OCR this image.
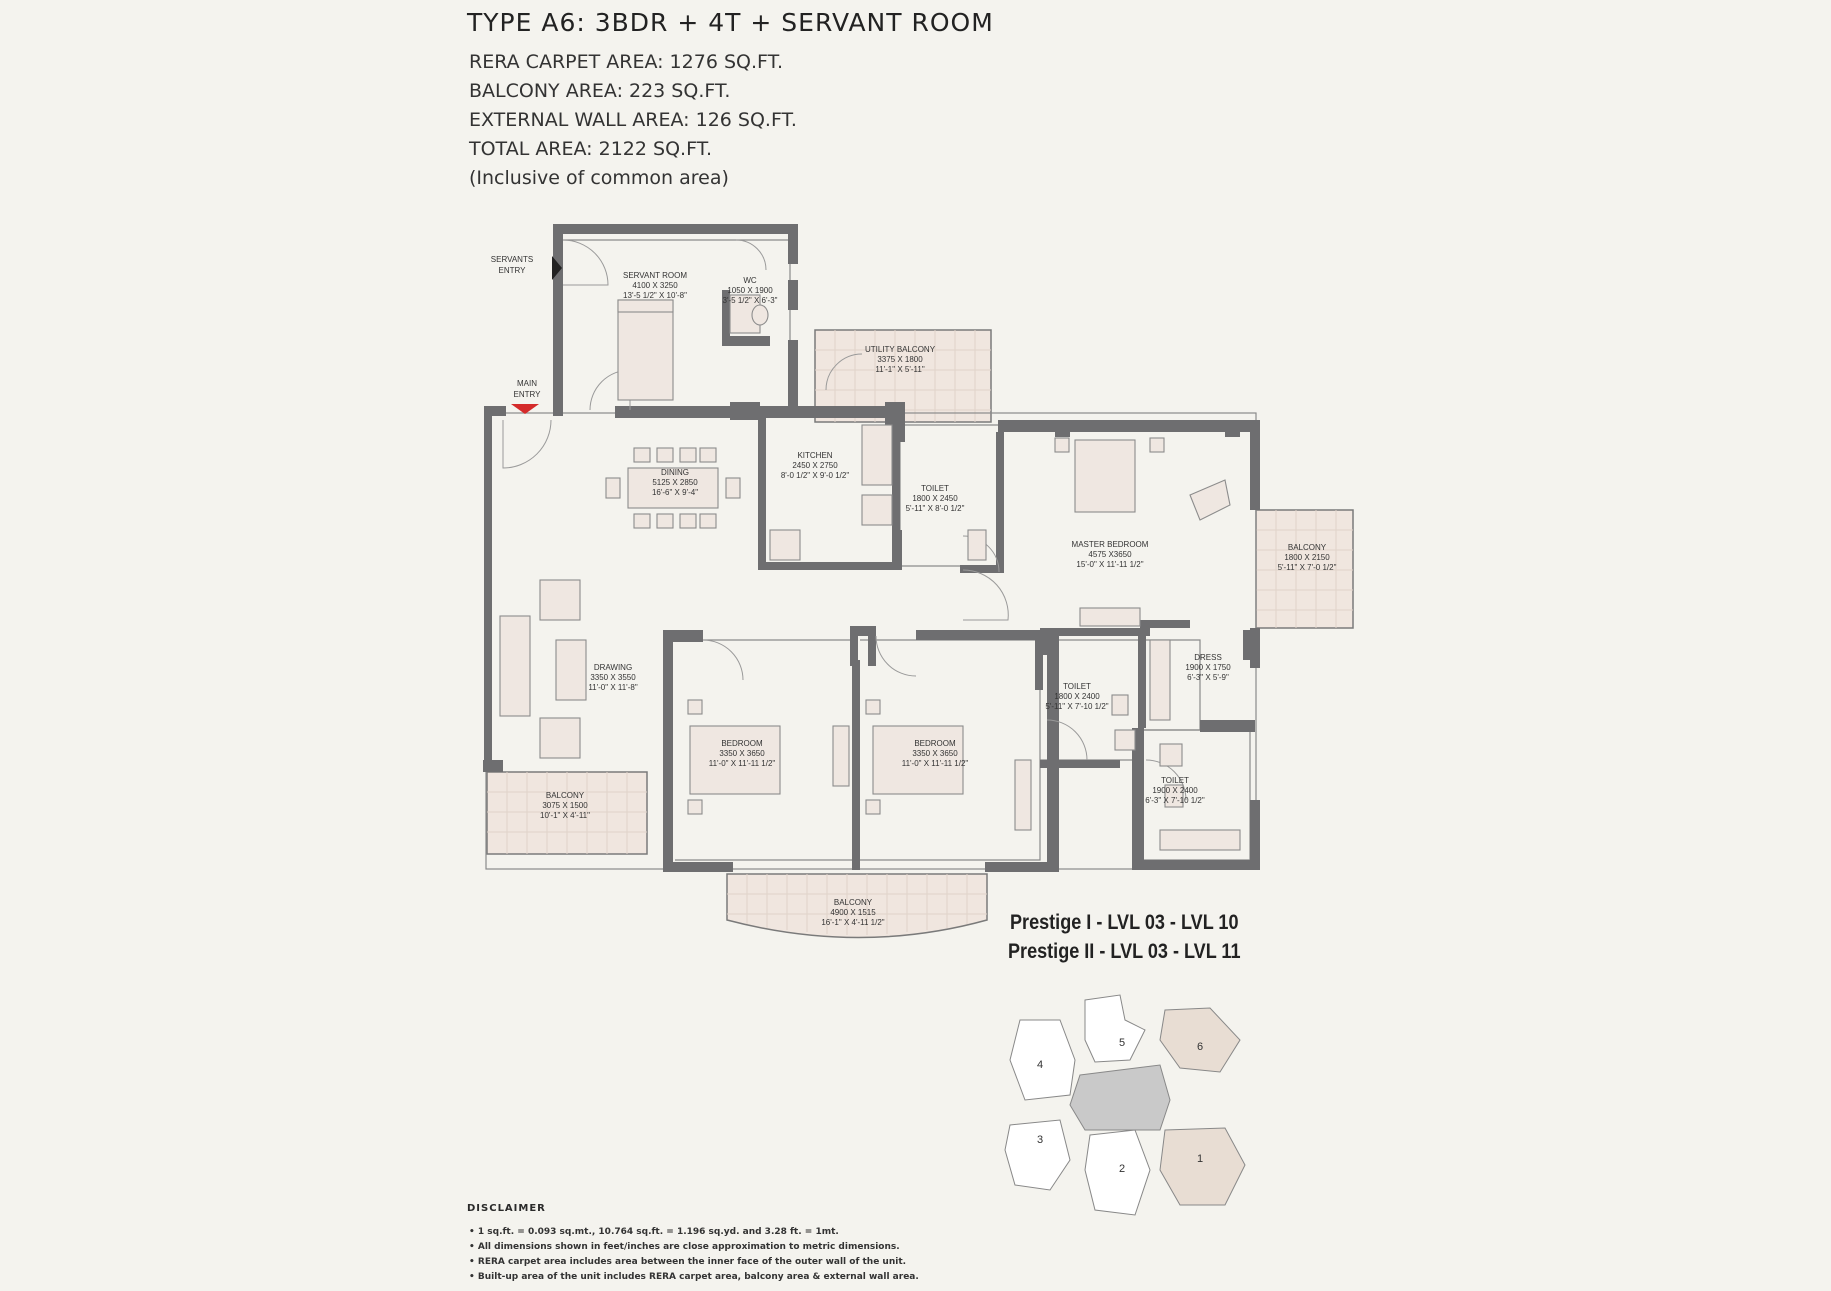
TYPE A6: 3BDR + 4T + SERVANT ROOM
RERA CARPET AREA: 1276 SQ.FT.
BALCONY AREA: 223 SQ.FT.
EXTERNAL WALL AREA: 126 SQ.FT.
TOTAL AREA: 2122 SQ.FT.
(Inclusive of common area)
SERVANT ROOM
4100 X 3250
13'-5 1/2" X 10'-8"
WC
1050 X 1900
3'-5 1/2" X 6'-3"
UTILITY BALCONY
3375 X 1800
11'-1" X 5'-11"
DINING
5125 X 2850
16'-6" X 9'-4"
KITCHEN
2450 X 2750
8'-0 1/2" X 9'-0 1/2"
TOILET
1800 X 2450
5'-11" X 8'-0 1/2"
MASTER BEDROOM
4575 X3650
15'-0" X 11'-11 1/2"
BALCONY
1800 X 2150
5'-11" X 7'-0 1/2"
DRAWING
3350 X 3550
11'-0" X 11'-8"
BEDROOM
3350 X 3650
11'-0" X 11'-11 1/2"
BEDROOM
3350 X 3650
11'-0" X 11'-11 1/2"
TOILET
1800 X 2400
5'-11" X 7'-10 1/2"
DRESS
1900 X 1750
6'-3" X 5'-9"
TOILET
1900 X 2400
6'-3" X 7'-10 1/2"
BALCONY
3075 X 1500
10'-1" X 4'-11"
BALCONY
4900 X 1515
16'-1" X 4'-11 1/2"
SERVANTS
ENTRY
MAIN
ENTRY
5	6
4
3
2
1
Prestige I - LVL 03 - LVL 10
Prestige II - LVL 03 - LVL 11
DISCLAIMER
• 1 sq.ft. = 0.093 sq.mt., 10.764 sq.ft. = 1.196 sq.yd. and 3.28 ft. = 1mt.
• All dimensions shown in feet/inches are close approximation to metric dimensions.
• RERA carpet area includes area between the inner face of the outer wall of the unit.
• Built-up area of the unit includes RERA carpet area, balcony area & external wall area.
